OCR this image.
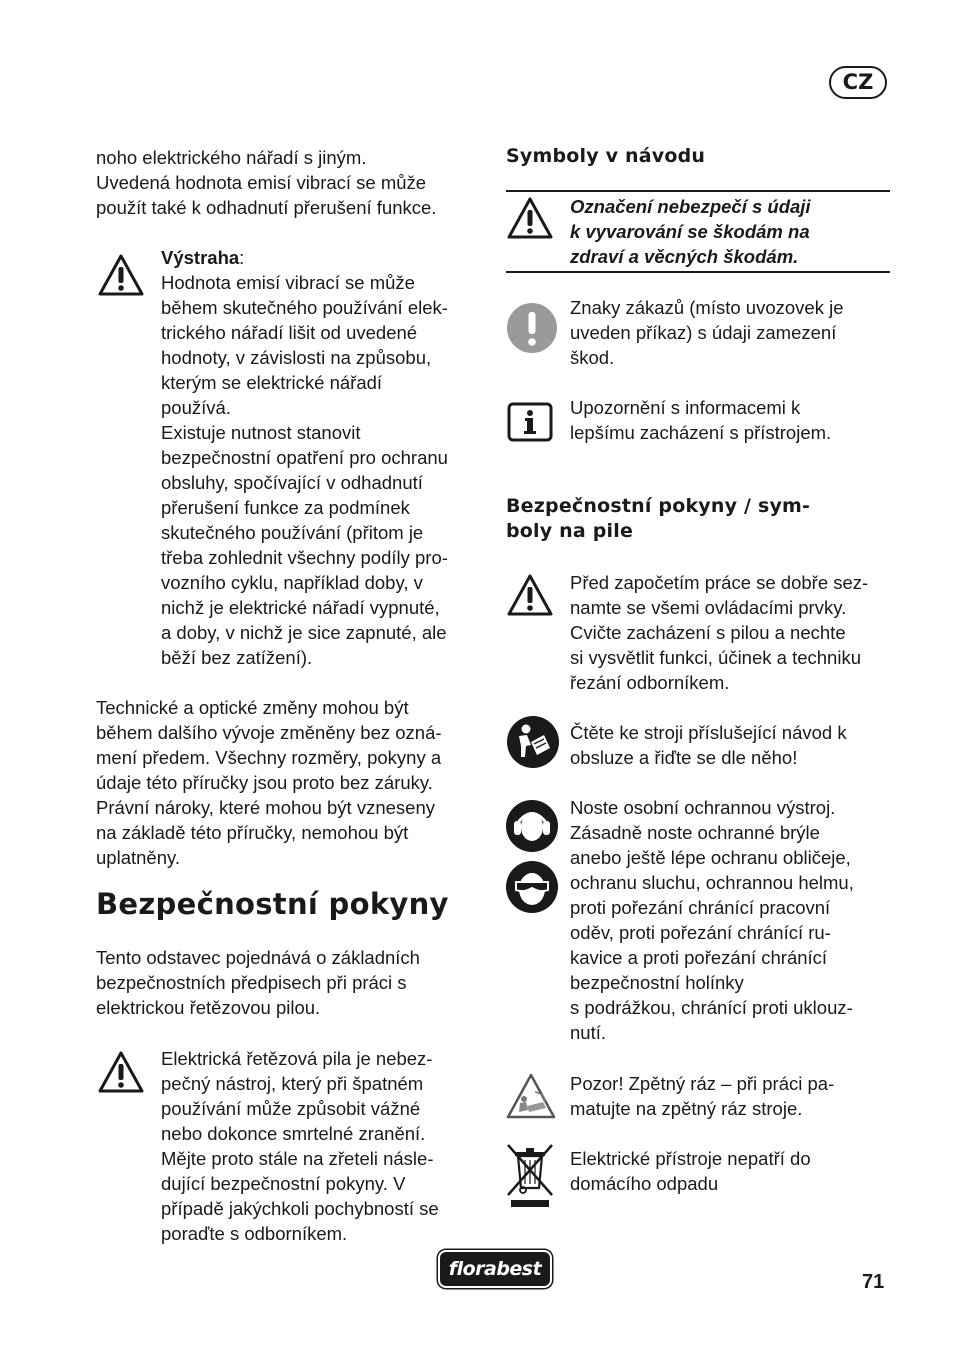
CZ
noho elektrického nářadí s jiným.
Uvedená hodnota emisí vibrací se může
použít také k odhadnutí přerušení funkce.
Výstraha:
Hodnota emisí vibrací se může
během skutečného používání elek-
trického nářadí lišit od uvedené
hodnoty, v závislosti na způsobu,
kterým se elektrické nářadí
používá.
Existuje nutnost stanovit
bezpečnostní opatření pro ochranu
obsluhy, spočívající v odhadnutí
přerušení funkce za podmínek
skutečného používání (přitom je
třeba zohlednit všechny podíly pro-
vozního cyklu, například doby, v
nichž je elektrické nářadí vypnuté,
a doby, v nichž je sice zapnuté, ale
běží bez zatížení).
Technické a optické změny mohou být
během dalšího vývoje změněny bez ozná-
mení předem. Všechny rozměry, pokyny a
údaje této příručky jsou proto bez záruky.
Právní nároky, které mohou být vzneseny
na základě této příručky, nemohou být
uplatněny.
Bezpečnostní pokyny
Tento odstavec pojednává o základních
bezpečnostních předpisech při práci s
elektrickou řetězovou pilou.
Elektrická řetězová pila je nebez-
pečný nástroj, který při špatném
používání může způsobit vážné
nebo dokonce smrtelné zranění.
Mějte proto stále na zřeteli násle-
dující bezpečnostní pokyny. V
případě jakýchkoli pochybností se
poraďte s odborníkem.
Symboly v návodu
Označení nebezpečí s údaji
k vyvarování se škodám na
zdraví a věcných škodám.
Znaky zákazů (místo uvozovek je
uveden příkaz) s údaji zamezení
škod.
Upozornění s informacemi k
lepšímu zacházení s přístrojem.
Bezpečnostní pokyny / sym-
boly na pile
Před započetím práce se dobře sez-
namte se všemi ovládacími prvky.
Cvičte zacházení s pilou a nechte
si vysvětlit funkci, účinek a techniku
řezání odborníkem.
Čtěte ke stroji příslušející návod k
obsluze a řiďte se dle něho!
Noste osobní ochrannou výstroj.
Zásadně noste ochranné brýle
anebo ještě lépe ochranu obličeje,
ochranu sluchu, ochrannou helmu,
proti pořezání chránící pracovní
oděv, proti pořezání chránící ru-
kavice a proti pořezání chránící
bezpečnostní holínky
s podrážkou, chránící proti uklouz-
nutí.
Pozor! Zpětný ráz – při práci pa-
matujte na zpětný ráz stroje.
Elektrické přístroje nepatří do
domácího odpadu
florabest
71
